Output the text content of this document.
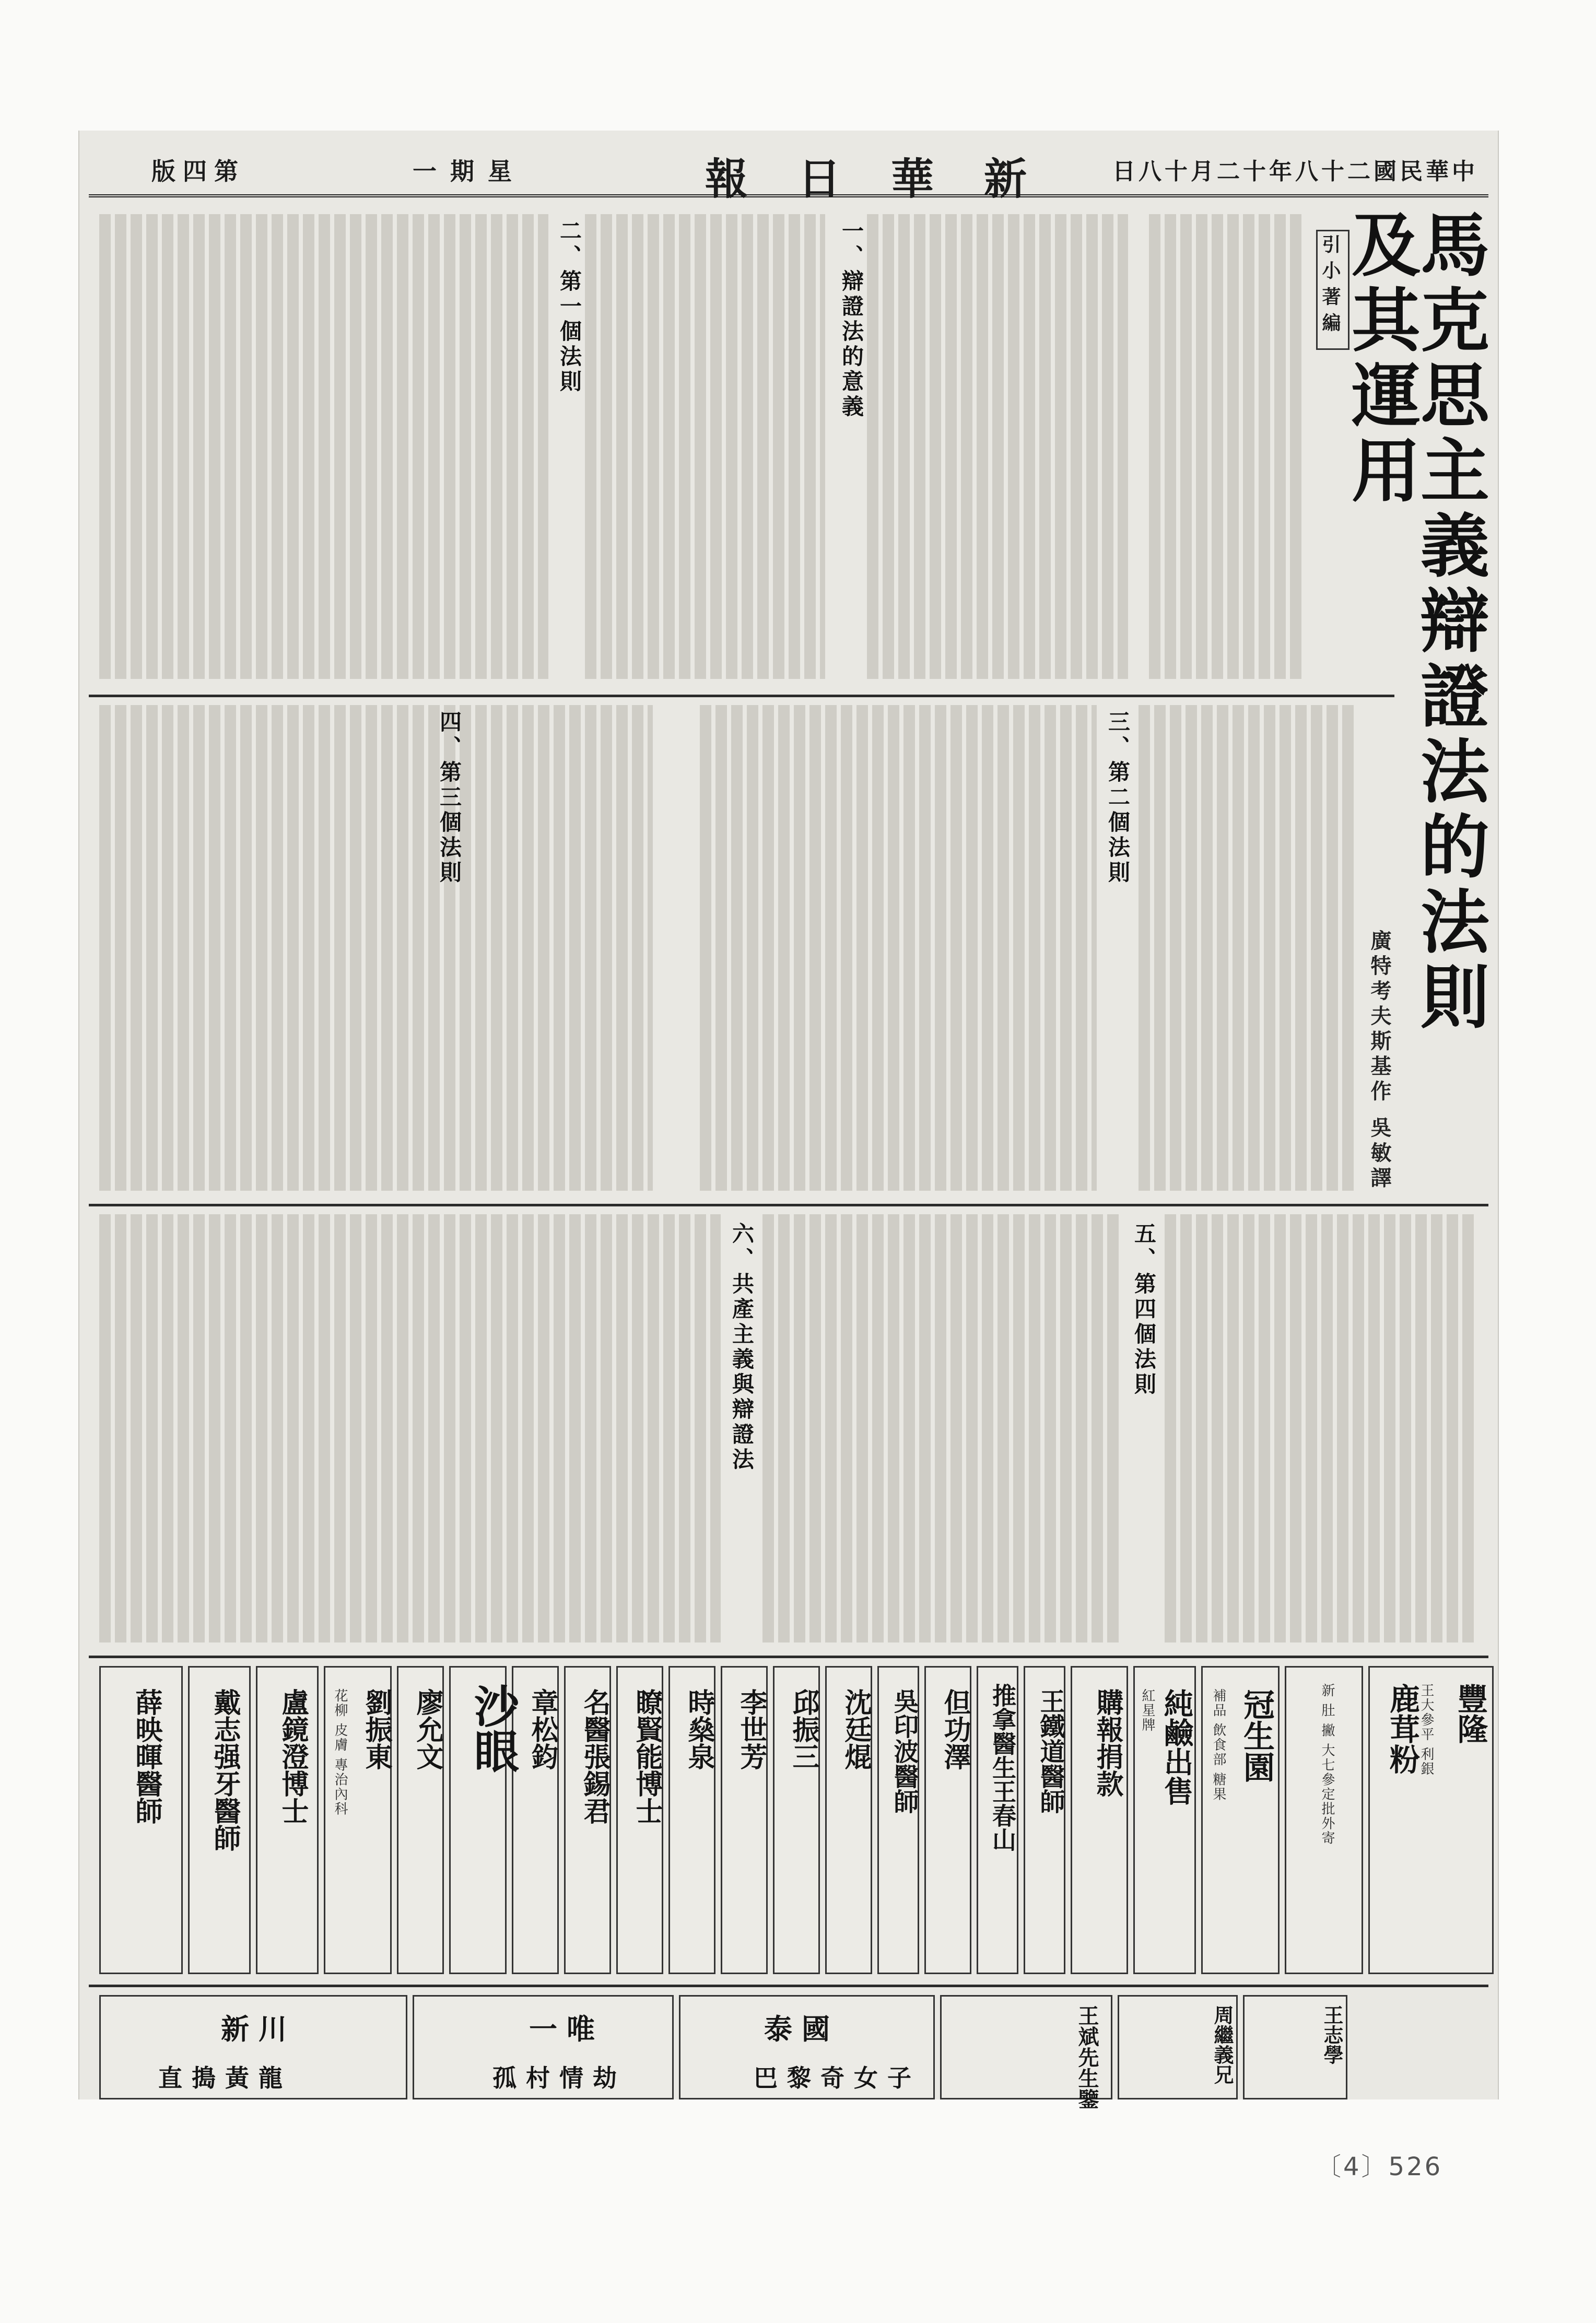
版四第	一期星	報日華新 日八十月二十年八十二國民華中
馬克思主義辯證法的法則及其運用
廣特考夫斯基作 吳敏譯
引小著編
一、辯證法的意義
二、第一個法則
三、第二個法則
四、第三個法則
五、第四個法則
六、共產主義與辯證法
豐隆
王大參平 利銀
鹿茸粉
新 肚 撇 大七參定批外寄
冠生園
補品 飲食部 糖果
純鹼出售
紅星牌
購報捐款
王鐵道醫師
推拿醫生王春山
但功澤
吳印波醫師
沈廷焜
邱振三
李世芳
時燊泉
瞭賢能博士
名醫張錫君
章松鈞
沙眼
廖允文
劉振東
花柳 皮膚 專治內科
盧鏡澄博士
戴志强牙醫師
薛映暉醫師
新川
直搗黃龍
一唯
孤村情劫
泰國
巴黎奇女子	王斌先生鑒	周繼義兄	王志學
〔4〕526
